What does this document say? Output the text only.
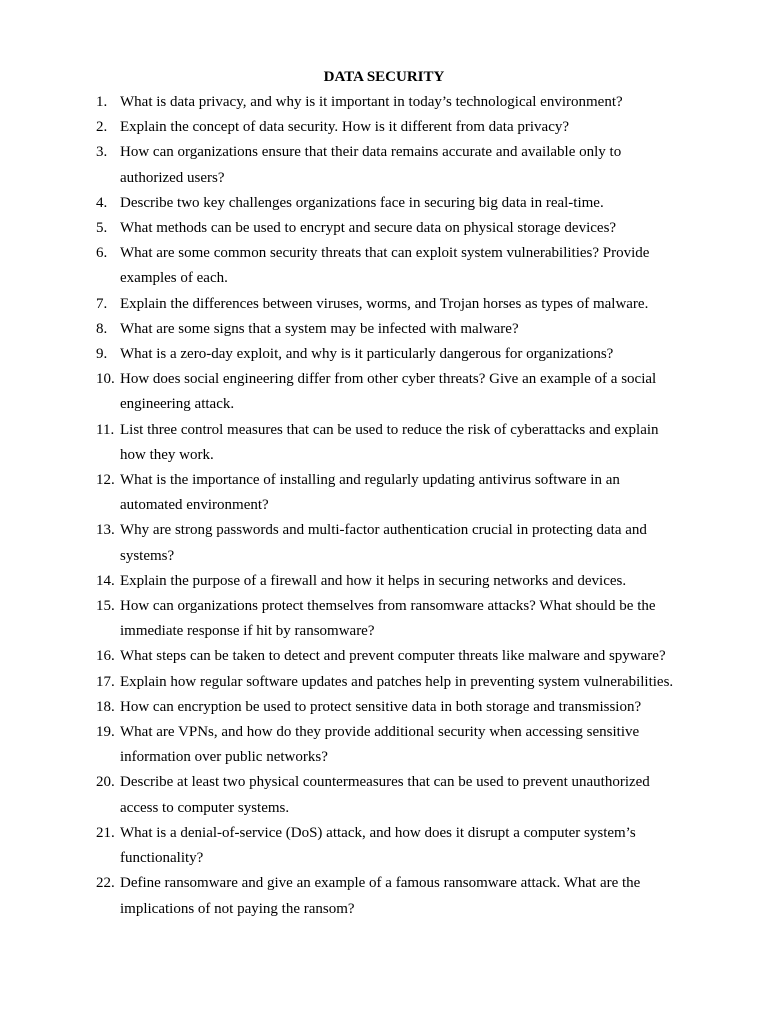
DATA SECURITY
1. What is data privacy, and why is it important in today’s technological environment?
2. Explain the concept of data security. How is it different from data privacy?
3. How can organizations ensure that their data remains accurate and available only to
authorized users?
4. Describe two key challenges organizations face in securing big data in real-time.
5. What methods can be used to encrypt and secure data on physical storage devices?
6. What are some common security threats that can exploit system vulnerabilities? Provide
examples of each.
7. Explain the differences between viruses, worms, and Trojan horses as types of malware.
8. What are some signs that a system may be infected with malware?
9. What is a zero-day exploit, and why is it particularly dangerous for organizations?
10. How does social engineering differ from other cyber threats? Give an example of a social
engineering attack.
11. List three control measures that can be used to reduce the risk of cyberattacks and explain
how they work.
12. What is the importance of installing and regularly updating antivirus software in an
automated environment?
13. Why are strong passwords and multi-factor authentication crucial in protecting data and
systems?
14. Explain the purpose of a firewall and how it helps in securing networks and devices.
15. How can organizations protect themselves from ransomware attacks? What should be the
immediate response if hit by ransomware?
16. What steps can be taken to detect and prevent computer threats like malware and spyware?
17. Explain how regular software updates and patches help in preventing system vulnerabilities.
18. How can encryption be used to protect sensitive data in both storage and transmission?
19. What are VPNs, and how do they provide additional security when accessing sensitive
information over public networks?
20. Describe at least two physical countermeasures that can be used to prevent unauthorized
access to computer systems.
21. What is a denial-of-service (DoS) attack, and how does it disrupt a computer system’s
functionality?
22. Define ransomware and give an example of a famous ransomware attack. What are the
implications of not paying the ransom?
